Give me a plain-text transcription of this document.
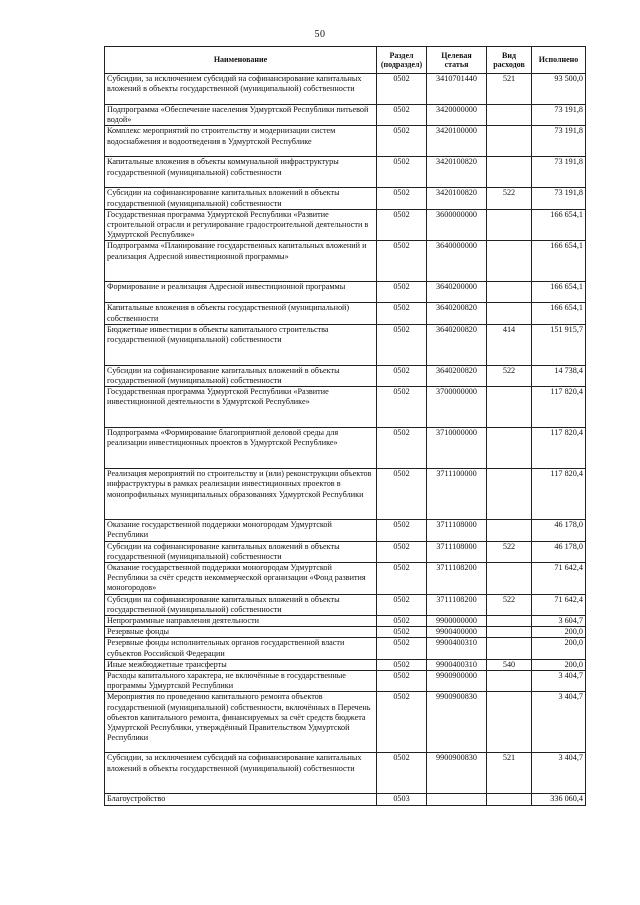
50
Наименование	Раздел (подраздел)	Целевая статья	Вид расходов	Исполнено
Субсидии, за исключением субсидий на софинансирование капитальных вложений в объекты государственной (муниципальной) собственности	0502	3410701440	521	93 500,0
Подпрограмма «Обеспечение населения Удмуртской Республики питьевой водой»	0502	3420000000		73 191,8
Комплекс мероприятий по строительству и модернизации систем водоснабжения и водоотведения в Удмуртской Республике	0502	3420100000		73 191,8
Капитальные вложения в объекты коммунальной инфраструктуры государственной (муниципальной) собственности	0502	3420100820		73 191,8
Субсидии на софинансирование капитальных вложений в объекты государственной (муниципальной) собственности	0502	3420100820	522	73 191,8
Государственная программа Удмуртской Республики «Развитие строительной отрасли и регулирование градостроительной деятельности в Удмуртской Республике»	0502	3600000000		166 654,1
Подпрограмма «Планирование государственных капитальных вложений и реализация Адресной инвестиционной программы»	0502	3640000000		166 654,1
Формирование и реализация Адресной инвестиционной программы	0502	3640200000		166 654,1
Капитальные вложения в объекты государственной (муниципальной) собственности	0502	3640200820		166 654,1
Бюджетные инвестиции в объекты капитального строительства государственной (муниципальной) собственности	0502	3640200820	414	151 915,7
Субсидии на софинансирование капитальных вложений в объекты государственной (муниципальной) собственности	0502	3640200820	522	14 738,4
Государственная программа Удмуртской Республики «Развитие инвестиционной деятельности в Удмуртской Республике»	0502	3700000000		117 820,4
Подпрограмма «Формирование благоприятной деловой среды для реализации инвестиционных проектов в Удмуртской Республике»	0502	3710000000		117 820,4
Реализация мероприятий по строительству и (или) реконструкции объектов инфраструктуры в рамках реализации инвестиционных проектов в монопрофильных муниципальных образованиях Удмуртской Республики	0502	3711100000		117 820,4
Оказание государственной поддержки моногородам Удмуртской Республики	0502	3711108000		46 178,0
Субсидии на софинансирование капитальных вложений в объекты государственной (муниципальной) собственности	0502	3711108000	522	46 178,0
Оказание государственной поддержки моногородам Удмуртской Республики за счёт средств некоммерческой организации «Фонд развития моногородов»	0502	3711108200		71 642,4
Субсидии на софинансирование капитальных вложений в объекты государственной (муниципальной) собственности	0502	3711108200	522	71 642,4
Непрограммные направления деятельности	0502	9900000000		3 604,7
Резервные фонды	0502	9900400000		200,0
Резервные фонды исполнительных органов государственной власти субъектов Российской Федерации	0502	9900400310		200,0
Иные межбюджетные трансферты	0502	9900400310	540	200,0
Расходы капитального характера, не включённые в государственные программы Удмуртской Республики	0502	9900900000		3 404,7
Мероприятия по проведению капитального ремонта объектов государственной (муниципальной) собственности, включённых в Перечень объектов капитального ремонта, финансируемых за счёт средств бюджета Удмуртской Республики, утверждённый Правительством Удмуртской Республики	0502	9900900830		3 404,7
Субсидии, за исключением субсидий на софинансирование капитальных вложений в объекты государственной (муниципальной) собственности	0502	9900900830	521	3 404,7
Благоустройство	0503			336 060,4
